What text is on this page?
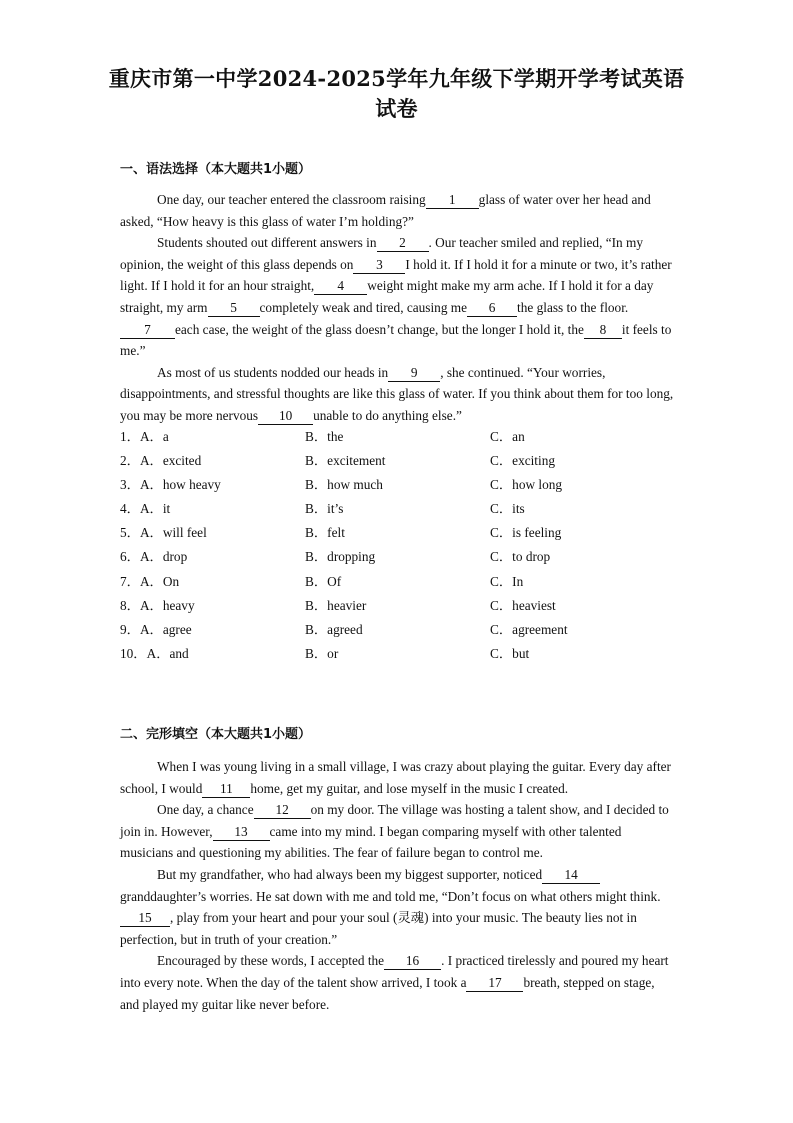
重庆市第一中学2024-2025学年九年级下学期开学考试英语试卷
一、语法选择（本大题共1小题）

One day, our teacher entered the classroom raising 1 glass of water over her head and asked, “How heavy is this glass of water I’m holding?”

Students shouted out different answers in 2 . Our teacher smiled and replied, “In my opinion, the weight of this glass depends on 3 I hold it. If I hold it for a minute or two, it’s rather light. If I hold it for an hour straight, 4 weight might make my arm ache. If I hold it for a day straight, my arm 5 completely weak and tired, causing me 6 the glass to the floor.7 each case, the weight of the glass doesn’t change, but the longer I hold it, the 8 it feels to me.”

As most of us students nodded our heads in 9 , she continued. “Your worries, disappointments, and stressful thoughts are like this glass of water. If you think about them for too long, you may be more nervous 10 unable to do anything else.”

1．A．a	B．the	C．an
2．A．excited	B．excitement	C．exciting
3．A．how heavy	B．how much	C．how long
4．A．it	B．it’s	C．its
5．A．will feel	B．felt	C．is feeling
6．A．drop	B．dropping	C．to drop
7．A．On	B．Of	C．In
8．A．heavy	B．heavier	C．heaviest
9．A．agree	B．agreed	C．agreement
10．A．and	B．or	C．but
二、完形填空（本大题共1小题）

When I was young living in a small village, I was crazy about playing the guitar. Every day after school, I would 11 home, get my guitar, and lose myself in the music I created.

One day, a chance 12 on my door. The village was hosting a talent show, and I decided to join in. However, 13 came into my mind. I began comparing myself with other talented musicians and questioning my abilities. The fear of failure began to control me.

But my grandfather, who had always been my biggest supporter, noticed 14granddaughter’s worries. He sat down with me and told me, “Don’t focus on what others might think.15 , play from your heart and pour your soul (灵魂) into your music. The beauty lies not in perfection, but in truth of your creation.”

Encouraged by these words, I accepted the 16 . I practiced tirelessly and poured my heart into every note. When the day of the talent show arrived, I took a 17 breath, stepped on stage, and played my guitar like never before.
